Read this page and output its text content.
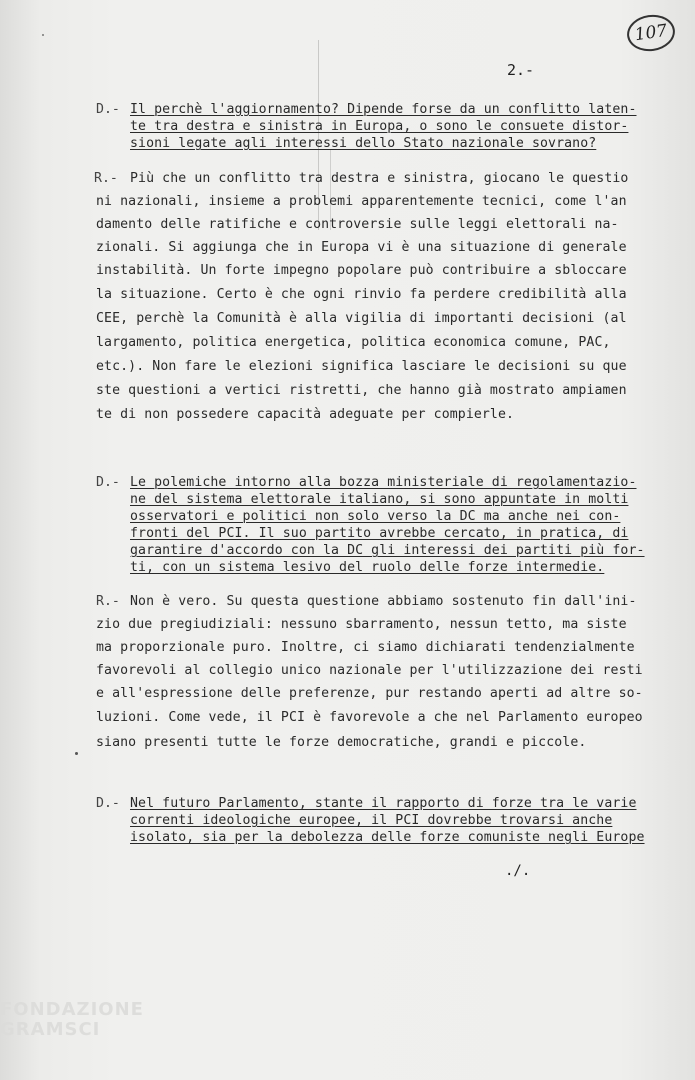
107
2.-
D.- Il perchè l'aggiornamento? Dipende forse da un conflitto laten-
te tra destra e sinistra in Europa, o sono le consuete distor-
sioni legate agli interessi dello Stato nazionale sovrano?
R.- Più che un conflitto tra destra e sinistra, giocano le questio
ni nazionali, insieme a problemi apparentemente tecnici, come l'an
damento delle ratifiche e controversie sulle leggi elettorali na-
zionali. Si aggiunga che in Europa vi è una situazione di generale
instabilità. Un forte impegno popolare può contribuire a sbloccare
la situazione. Certo è che ogni rinvio fa perdere credibilità alla
CEE, perchè la Comunità è alla vigilia di importanti decisioni (al
largamento, politica energetica, politica economica comune, PAC,
etc.). Non fare le elezioni significa lasciare le decisioni su que
ste questioni a vertici ristretti, che hanno già mostrato ampiamen
te di non possedere capacità adeguate per compierle.
D.- Le polemiche intorno alla bozza ministeriale di regolamentazio-
ne del sistema elettorale italiano, si sono appuntate in molti
osservatori e politici non solo verso la DC ma anche nei con-
fronti del PCI. Il suo partito avrebbe cercato, in pratica, di
garantire d'accordo con la DC gli interessi dei partiti più for-
ti, con un sistema lesivo del ruolo delle forze intermedie.
R.- Non è vero. Su questa questione abbiamo sostenuto fin dall'ini-
zio due pregiudiziali: nessuno sbarramento, nessun tetto, ma siste
ma proporzionale puro. Inoltre, ci siamo dichiarati tendenzialmente
favorevoli al collegio unico nazionale per l'utilizzazione dei resti
e all'espressione delle preferenze, pur restando aperti ad altre so-
luzioni. Come vede, il PCI è favorevole a che nel Parlamento europeo
siano presenti tutte le forze democratiche, grandi e piccole.
D.- Nel futuro Parlamento, stante il rapporto di forze tra le varie
correnti ideologiche europee, il PCI dovrebbe trovarsi anche
isolato, sia per la debolezza delle forze comuniste negli Europe
./.
FONDAZIONE GRAMSCI
